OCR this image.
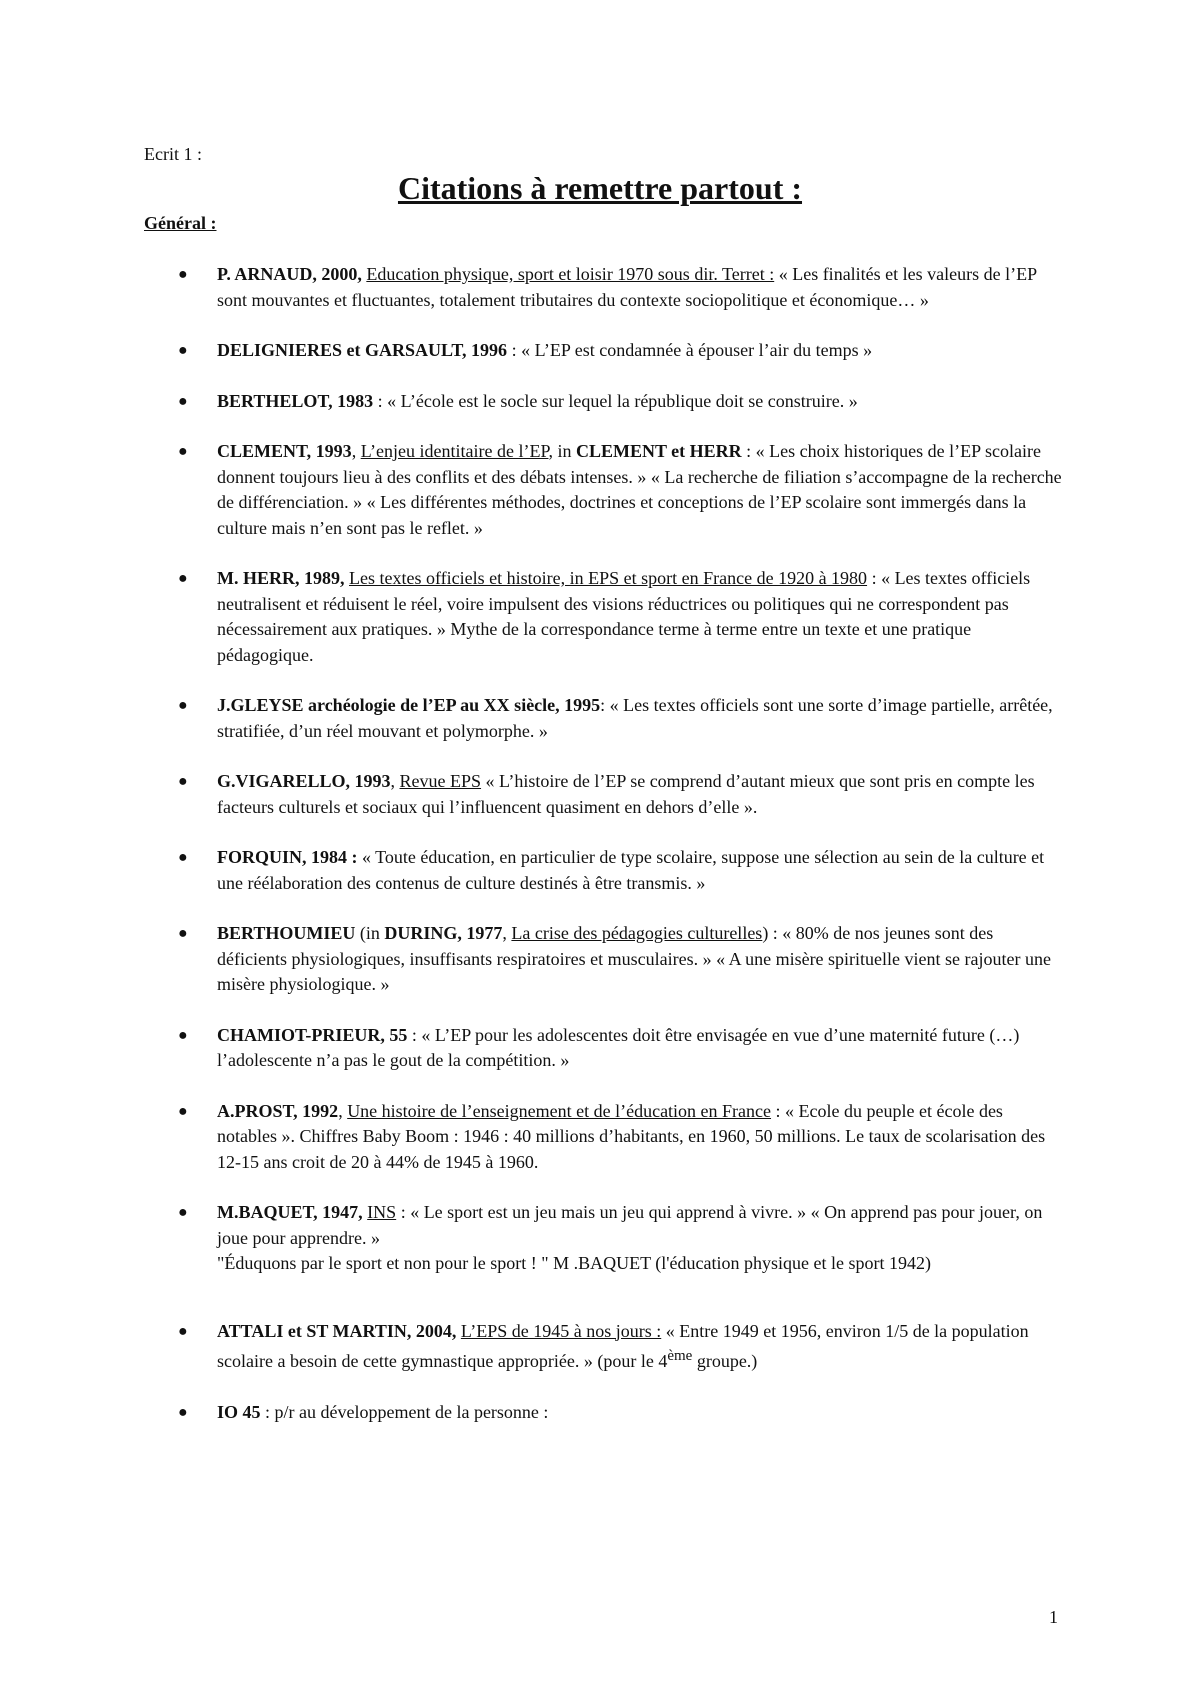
Ecrit 1 :
Citations à remettre partout :
Général :
● P. ARNAUD, 2000, Education physique, sport et loisir 1970 sous dir. Terret : « Les finalités et les valeurs de l’EP sont mouvantes et fluctuantes, totalement tributaires du contexte sociopolitique et économique… »
● DELIGNIERES et GARSAULT, 1996 : « L’EP est condamnée à épouser l’air du temps »
● BERTHELOT, 1983 : « L’école est le socle sur lequel la république doit se construire. »
● CLEMENT, 1993, L’enjeu identitaire de l’EP, in CLEMENT et HERR : « Les choix historiques de l’EP scolaire donnent toujours lieu à des conflits et des débats intenses. » « La recherche de filiation s’accompagne de la recherche de différenciation. » « Les différentes méthodes, doctrines et conceptions de l’EP scolaire sont immergés dans la culture mais n’en sont pas le reflet. »
● M. HERR, 1989, Les textes officiels et histoire, in EPS et sport en France de 1920 à 1980 : « Les textes officiels neutralisent et réduisent le réel, voire impulsent des visions réductrices ou politiques qui ne correspondent pas nécessairement aux pratiques. » Mythe de la correspondance terme à terme entre un texte et une pratique pédagogique.
● J.GLEYSE archéologie de l’EP au XX siècle, 1995: « Les textes officiels sont une sorte d’image partielle, arrêtée, stratifiée, d’un réel mouvant et polymorphe. »
● G.VIGARELLO, 1993, Revue EPS « L’histoire de l’EP se comprend d’autant mieux que sont pris en compte les facteurs culturels et sociaux qui l’influencent quasiment en dehors d’elle ».
● FORQUIN, 1984 : « Toute éducation, en particulier de type scolaire, suppose une sélection au sein de la culture et une réélaboration des contenus de culture destinés à être transmis. »
● BERTHOUMIEU (in DURING, 1977, La crise des pédagogies culturelles) : « 80% de nos jeunes sont des déficients physiologiques, insuffisants respiratoires et musculaires. » « A une misère spirituelle vient se rajouter une misère physiologique. »
● CHAMIOT-PRIEUR, 55 : « L’EP pour les adolescentes doit être envisagée en vue d’une maternité future (…) l’adolescente n’a pas le gout de la compétition. »
● A.PROST, 1992, Une histoire de l’enseignement et de l’éducation en France : « Ecole du peuple et école des notables ». Chiffres Baby Boom : 1946 : 40 millions d’habitants, en 1960, 50 millions. Le taux de scolarisation des 12-15 ans croit de 20 à 44% de 1945 à 1960.
● M.BAQUET, 1947, INS : « Le sport est un jeu mais un jeu qui apprend à vivre. » « On apprend pas pour jouer, on joue pour apprendre. »
"Éduquons par le sport et non pour le sport ! " M .BAQUET (l'éducation physique et le sport 1942)
● ATTALI et ST MARTIN, 2004, L’EPS de 1945 à nos jours : « Entre 1949 et 1956, environ 1/5 de la population scolaire a besoin de cette gymnastique appropriée. » (pour le 4ème groupe.)
● IO 45 : p/r au développement de la personne :
1
